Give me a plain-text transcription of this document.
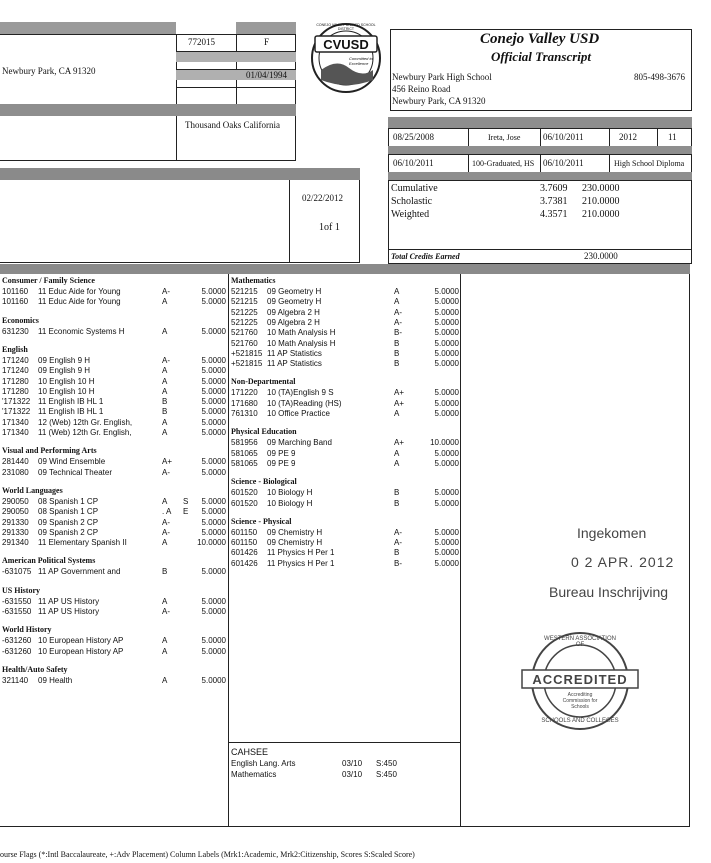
772015	F
Newbury Park, CA 91320	01/04/1994
Thousand Oaks California
02/22/2012
1of 1
CVUSD
Committed to Excellence
CONEJO VALLEY UNIFIED SCHOOL DISTRICT
Conejo Valley USD
Official Transcript
Newbury Park High School	805-498-3676
456 Reino Road
Newbury Park, CA 91320
08/25/2008	Ireta, Jose	06/10/2011	2012	11
06/10/2011	100-Graduated, HS 06/10/2011	High School Diploma
Cumulative	3.7609 230.0000
Scholastic	3.7381 210.0000
Weighted	4.3571 210.0000
Total Credits Earned	230.0000
Consumer / Family Science
101160 11 Educ Aide for Young	A-	5.0000
101160 11 Educ Aide for Young	A	5.0000
Economics
631230 11 Economic Systems H	A	5.0000
English
171240 09 English 9 H	A-	5.0000
171240 09 English 9 H	A	5.0000
171280 10 English 10 H	A	5.0000
171280 10 English 10 H	A	5.0000
'171322 11 English IB HL 1	B	5.0000
'171322 11 English IB HL 1	B	5.0000
171340 12 (Web) 12th Gr. English,	A	5.0000
171340 11 (Web) 12th Gr. English,	A	5.0000
Visual and Performing Arts
281440 09 Wind Ensemble	A+	5.0000
231080 09 Technical Theater	A-	5.0000
World Languages
290050 08 Spanish 1 CP	A S	5.0000
290050 08 Spanish 1 CP	. A E	5.0000
291330 09 Spanish 2 CP	A-	5.0000
291330 09 Spanish 2 CP	A-	5.0000
291340 11 Elementary Spanish II	A	10.0000
American Political Systems
-631075 11 AP Government and	B	5.0000
US History
-631550 11 AP US History	A	5.0000
-631550 11 AP US History	A-	5.0000
World History
-631260 10 European History AP	A	5.0000
-631260 10 European History AP	A	5.0000
Health/Auto Safety
321140 09 Health	A	5.0000
Mathematics
521215 09 Geometry H	A	5.0000
521215 09 Geometry H	A	5.0000
521225 09 Algebra 2 H	A-	5.0000
521225 09 Algebra 2 H	A-	5.0000
521760 10 Math Analysis H	B-	5.0000
521760 10 Math Analysis H	B	5.0000
+521815 11 AP Statistics	B	5.0000
+521815 11 AP Statistics	B	5.0000
Non-Departmental
171220 10 (TA)English 9 S	A+	5.0000
171680 10 (TA)Reading (HS)	A+	5.0000
761310 10 Office Practice	A	5.0000
Physical Education
581956 09 Marching Band	A+	10.0000
581065 09 PE 9	A	5.0000
581065 09 PE 9	A	5.0000
Science - Biological
601520 10 Biology H	B	5.0000
601520 10 Biology H	B	5.0000
Science - Physical
601150 09 Chemistry H	A-	5.0000
601150 09 Chemistry H	A-	5.0000
601426 11 Physics H Per 1	B	5.0000
601426 11 Physics H Per 1	B-	5.0000
CAHSEE
English Lang. Arts	03/10 S:450
Mathematics	03/10 S:450
Ingekomen
0 2 APR. 2012
Bureau Inschrijving
WESTERN ASSOCIATION OF
ACCREDITED
Accrediting Commission for Schools
SCHOOLS AND COLLEGES
ourse Flags (*:Intl Baccalaureate, +:Adv Placement) Column Labels (Mrk1:Academic, Mrk2:Citizenship, Scores S:Scaled Score)
